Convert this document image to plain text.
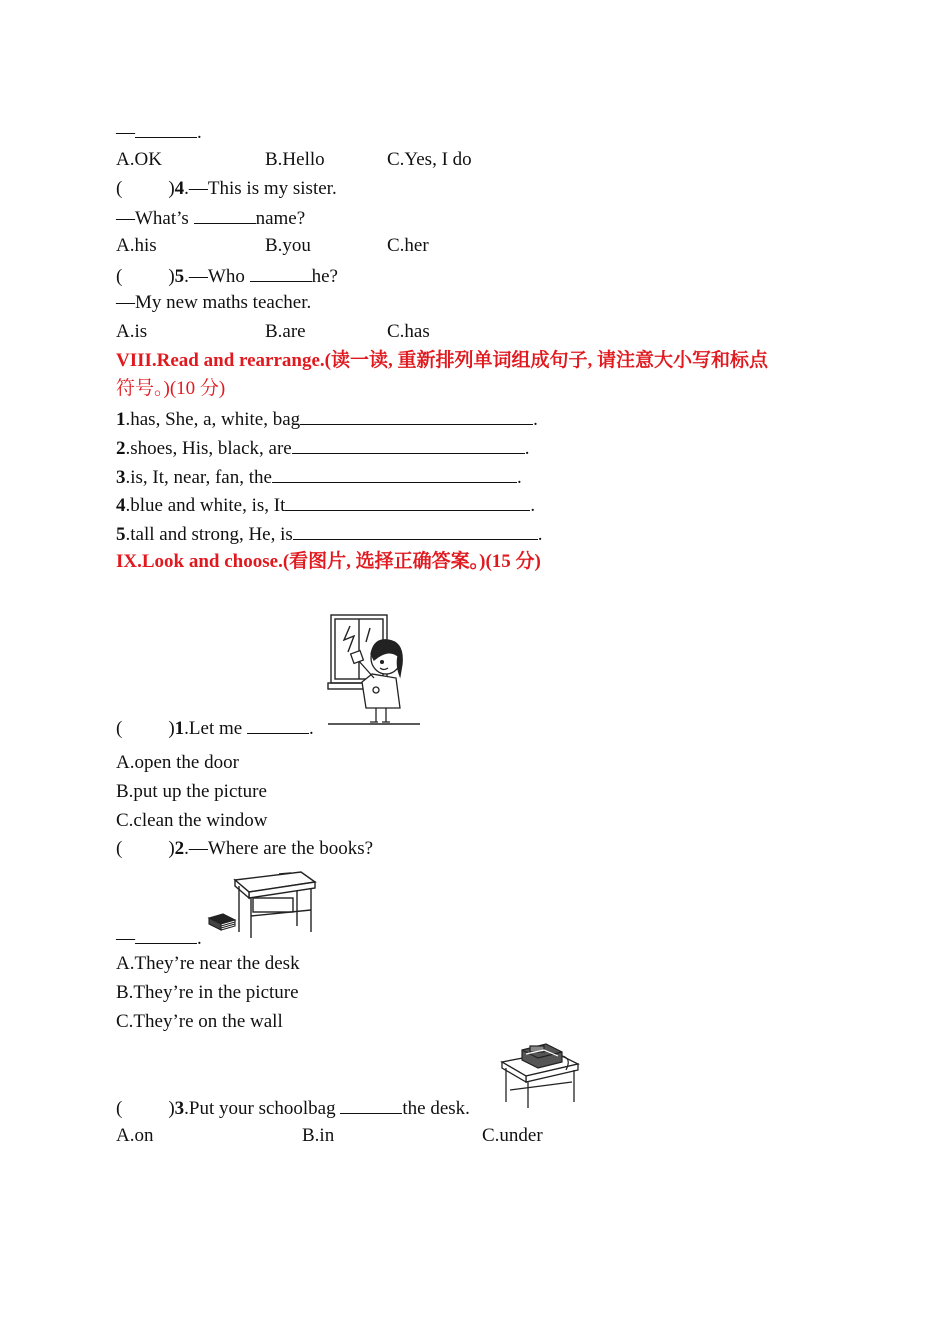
—	.
A.OK	B.Hello	C.Yes, I do
( )4.—This is my sister.
—What’s	name?
A.his	B.you	C.her
( )5.—Who	he?
—My new maths teacher.
A.is	B.are	C.has
VIII.Read and rearrange.(读一读, 重新排列单词组成句子, 请注意大小写和标点
符号。)(10 分)
1.has, She, a, white, bag	.
2.shoes, His, black, are	.
3.is, It, near, fan, the	.
4.blue and white, is, It	.
5.tall and strong, He, is	.
IX.Look and choose.(看图片, 选择正确答案。)(15 分)
( )1.Let me	.
A.open the door
B.put up the picture
C.clean the window
( )2.—Where are the books?
—	.
A.They’re near the desk
B.They’re in the picture
C.They’re on the wall
( )3.Put your schoolbag	the desk.
A.on	B.in	C.under
